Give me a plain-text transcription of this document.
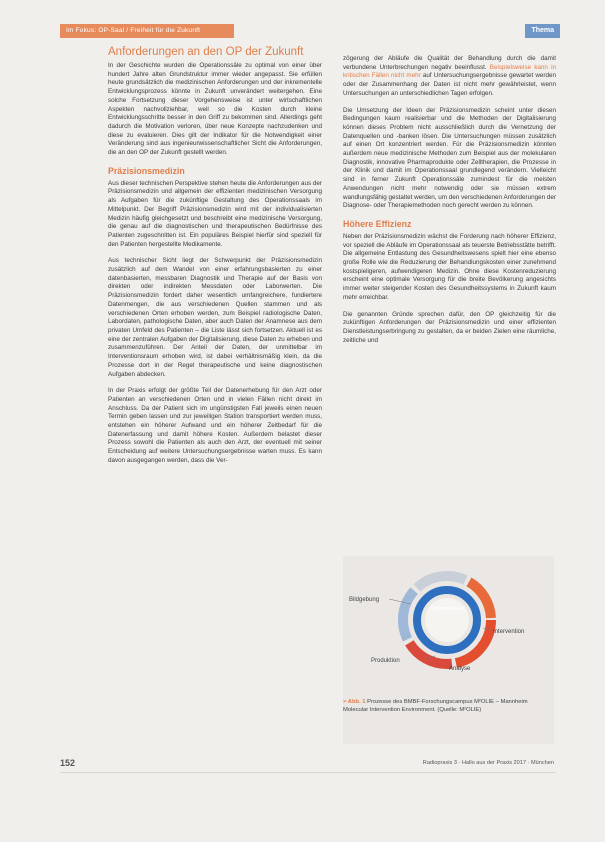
Im Fokus: OP-Saal / Freiheit für die Zukunft	Thema
Anforderungen an den OP der Zukunft

In der Geschichte wurden die Operationssäle zu optimal von einer über hundert Jahre alten Grundstruktur immer wieder angepasst. Sie erfüllen heute grundsätzlich die medizinischen Anforderungen und der inkrementelle Entwicklungsprozess könnte in Zukunft unverändert weitergehen. Eine solche Fortsetzung dieser Vorgehensweise ist unter wirtschaftlichen Aspekten nachvollziehbar, weil so die Kosten durch kleine Entwicklungsschritte besser in den Griff zu bekommen sind. Allerdings geht dadurch die Motivation verloren, über neue Konzepte nachzudenken und diese zu evaluieren. Dies gilt der Indikator für die Notwendigkeit einer Veränderung sind aus ingenieurwissenschaftlicher Sicht die Anforderungen, die an den OP der Zukunft gestellt werden.

Präzisionsmedizin

Aus dieser technischen Perspektive stehen heute die Anforderungen aus der Präzisionsmedizin und allgemein der effizienten medizinischen Versorgung als Aufgaben für die zukünftige Gestaltung des Operationssaals im Mittelpunkt. Der Begriff Präzisionsmedizin wird mit der individualisierten Medizin häufig gleichgesetzt und beschreibt eine medizinische Versorgung, die genau auf die diagnostischen und therapeutischen Bedürfnisse des Patienten zugeschnitten ist. Ein populäres Beispiel hierfür sind speziell für den Patienten hergestellte Medikamente.

Aus technischer Sicht liegt der Schwerpunkt der Präzisionsmedizin zusätzlich auf dem Wandel von einer erfahrungsbasierten zu einer datenbasierten, messbaren Diagnostik und Therapie auf der Basis von direkten oder indirekten Messdaten oder Laborwerten. Die Präzisionsmedizin fordert daher wesentlich umfangreichere, fundiertere Datenmengen, die aus verschiedenen Quellen stammen und als verschiedenen Orten erhoben werden, zum Beispiel radiologische Daten, Labordaten, pathologische Daten, aber auch Daten der Anamnese aus dem privaten Umfeld des Patienten – die Liste lässt sich fortsetzen. Aktuell ist es eine der zentralen Aufgaben der Digitalisierung, diese Daten zu erheben und zusammenzuführen. Der Anteil der Daten, der unmittelbar im Interventionsraum erhoben wird, ist dabei verhältnismäßig klein, da die Prozesse dort in der Regel therapeutische und keine diagnostischen Aufgaben abdecken.

In der Praxis erfolgt der größte Teil der Datenerhebung für den Arzt oder Patienten an verschiedenen Orten und in vielen Fällen nicht direkt im Anschluss. Da der Patient sich im ungünstigsten Fall jeweils einen neuen Termin geben lassen und zur jeweiligen Station transportiert werden muss, entstehen ein höherer Aufwand und ein höherer Zeitbedarf für die Datenerfassung und damit höhere Kosten. Außerdem belastet dieser Prozess sowohl die Patienten als auch den Arzt, der eventuell mit seiner Entscheidung auf weitere Untersuchungsergebnisse warten muss. Es kann davon ausgegangen werden, dass die Ver-

zögerung der Abläufe die Qualität der Behandlung durch die damit verbundene Unterbrechungen negativ beeinflusst. Beispielsweise kann in kritischen Fällen nicht mehr auf Untersuchungsergebnisse gewartet werden oder der Zusammenhang der Daten ist nicht mehr gewährleistet, wenn Untersuchungen an unterschiedlichen Tagen erfolgen.

Die Umsetzung der Ideen der Präzisionsmedizin scheint unter diesen Bedingungen kaum realisierbar und die Methoden der Digitalisierung können dieses Problem nicht ausschließlich durch die Vernetzung der Datenquellen und -banken lösen. Die Untersuchungen müssen zusätzlich auf einen Ort konzentriert werden. Für die Präzisionsmedizin könnten außerdem neue medizinische Methoden zum Beispiel aus der molekularen Diagnostik, innovative Pharmaprodukte oder Zelltherapien, die Prozesse in der Klinik und damit im Operationssaal grundlegend verändern. Vielleicht sind in ferner Zukunft Operationssäle zumindest für die meisten Anwendungen nicht mehr notwendig oder sie müssen extrem wandlungsfähig gestaltet werden, um den verschiedenen Anforderungen der Diagnose- oder Therapiemethoden noch gerecht werden zu können.

Höhere Effizienz

Neben der Präzisionsmedizin wächst die Forderung nach höherer Effizienz, vor speziell die Abläufe im Operationssaal als teuerste Betriebsstätte betrifft. Die allgemeine Entlastung des Gesundheitswesens spielt hier eine ebenso große Rolle wie die Reduzierung der Behandlungskosten einer zunehmend kostspieligeren, aufwendigeren Medizin. Ohne diese Kostenreduzierung erscheint eine optimale Versorgung für die breite Bevölkerung angesichts immer weiter steigender Kosten des Gesundheitssystems in Zukunft kaum mehr erreichbar.

Die genannten Gründe sprechen dafür, den OP gleichzeitig für die zukünftigen Anforderungen der Präzisionsmedizin und einer effizienten Dienstleistungserbringung zu gestalten, da er beiden Zielen eine räumliche, zeitliche und

Bildgebung
Organisation
Intervention
Produktion
Analyse
> Abb. 1 Prozesse des BMBF-Forschungscampus M²OLIE – Mannheim Molecular Intervention Environment. (Quelle: M²OLIE)
152	Radiopraxis 3 · Hallo aus der Praxis 2017 · München
